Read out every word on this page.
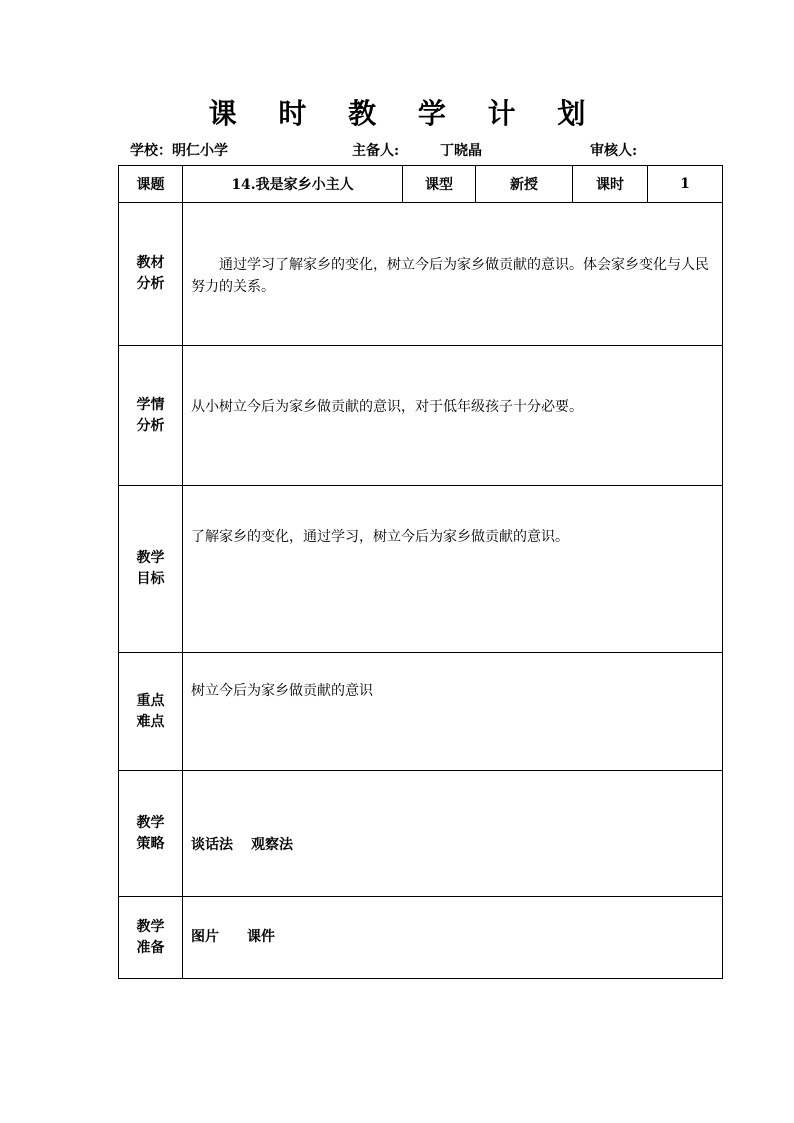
课 时 教 学 计 划
学校：明仁小学	主备人:	丁晓晶	审核人:
课题	14.我是家乡小主人	课型	新授	课时	1

教材
分析	通过学习了解家乡的变化，树立今后为家乡做贡献的意识。体会家乡变化与人民努力的关系。				

学情
分析	从小树立今后为家乡做贡献的意识，对于低年级孩子十分必要。				

教学
目标	了解家乡的变化，通过学习，树立今后为家乡做贡献的意识。				

重点
难点	树立今后为家乡做贡献的意识				

教学
策略	谈话法 观察法				

教学
准备	图片 课件				
